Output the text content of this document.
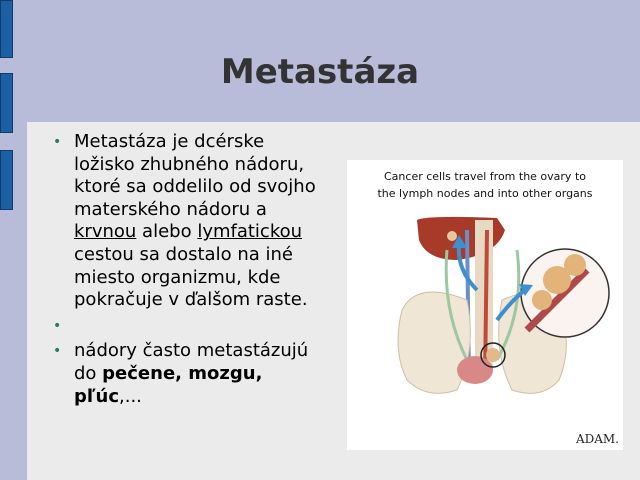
Metastáza
• Metastáza je dcérske ložisko zhubného nádoru, ktoré sa oddelilo od svojho materského nádoru a krvnou alebo lymfatickou cestou sa dostalo na iné miesto organizmu, kde pokračuje v ďalšom raste.
•

• nádory často metastázujú do pečene, mozgu, pľúc,...
Cancer cells travel from the ovary to
the lymph nodes and into other organs
ADAM.
